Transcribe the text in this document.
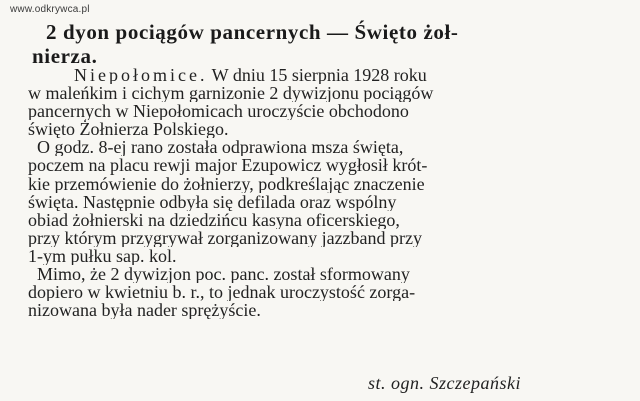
www.odkrywca.pl
2 dyon pociągów pancernych — Święto żoł-
nierza.
Niepołomice. W dniu 15 sierpnia 1928 roku
w maleńkim i cichym garnizonie 2 dywizjonu pociągów
pancernych w Niepołomicach uroczyście obchodono
święto Żołnierza Polskiego.
O godz. 8-ej rano została odprawiona msza święta,
poczem na placu rewji major Ezupowicz wygłosił krót-
kie przemówienie do żołnierzy, podkreślając znaczenie
święta. Następnie odbyła się defilada oraz wspólny
obiad żołnierski na dziedzińcu kasyna oficerskiego,
przy którym przygrywał zorganizowany jazzband przy
1-ym pułku sap. kol.
Mimo, że 2 dywizjon poc. panc. został sformowany
dopiero w kwietniu b. r., to jednak uroczystość zorga-
nizowana była nader sprężyście.
st. ogn. Szczepański
